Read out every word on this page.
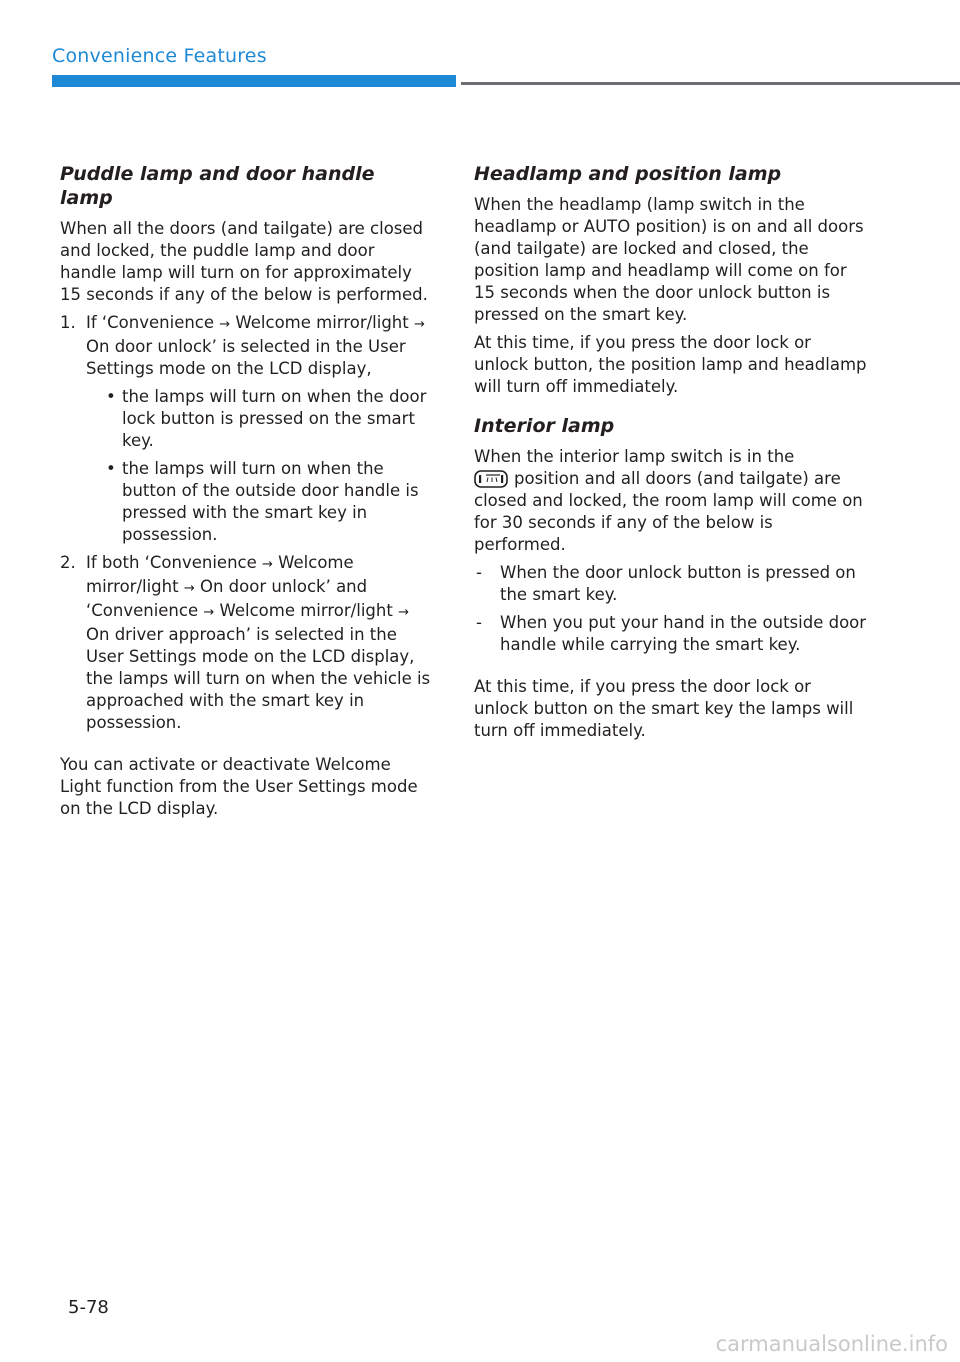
Convenience Features
Puddle lamp and door handle lamp

When all the doors (and tailgate) are closed and locked, the puddle lamp and door handle lamp will turn on for approximately 15 seconds if any of the below is performed.

1. If ‘Convenience → Welcome mirror/light → On door unlock’ is selected in the User Settings mode on the LCD display,
• the lamps will turn on when the door lock button is pressed on the smart key.
• the lamps will turn on when the button of the outside door handle is pressed with the smart key in possession.
2. If both ‘Convenience → Welcome mirror/light → On door unlock’ and ‘Convenience → Welcome mirror/light → On driver approach’ is selected in the User Settings mode on the LCD display, the lamps will turn on when the vehicle is approached with the smart key in possession.

You can activate or deactivate Welcome Light function from the User Settings mode on the LCD display.

Headlamp and position lamp

When the headlamp (lamp switch in the headlamp or AUTO position) is on and all doors (and tailgate) are locked and closed, the position lamp and headlamp will come on for 15 seconds when the door unlock button is pressed on the smart key.

At this time, if you press the door lock or unlock button, the position lamp and headlamp will turn off immediately.

Interior lamp

When the interior lamp switch is in the
position and all doors (and tailgate) are closed and locked, the room lamp will come on for 30 seconds if any of the below is performed.

- When the door unlock button is pressed on the smart key.
- When you put your hand in the outside door handle while carrying the smart key.

At this time, if you press the door lock or unlock button on the smart key the lamps will turn off immediately.

5-78
carmanualsonline.info
